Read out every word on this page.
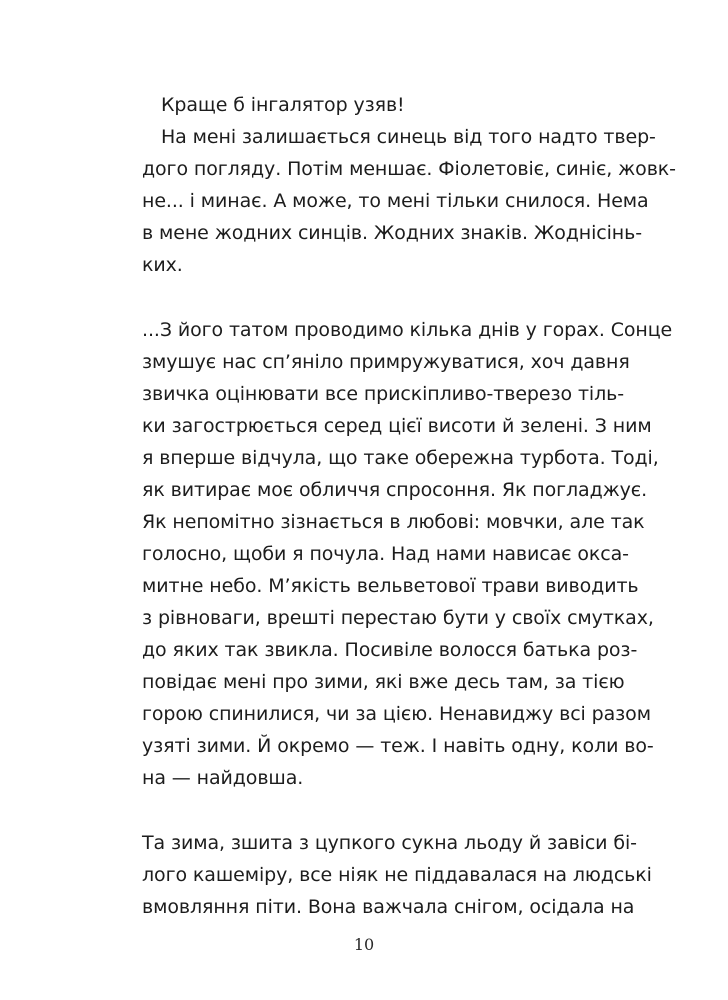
Краще б інгалятор узяв!
На мені залишається синець від того надто твер-
дого погляду. Потім меншає. Фіолетовіє, синіє, жовк-
не... і минає. А може, то мені тільки снилося. Нема
в мене жодних синців. Жодних знаків. Жоднісінь-
ких.
...З його татом проводимо кілька днів у горах. Сонце
змушує нас сп’яніло примружуватися, хоч давня
звичка оцінювати все прискіпливо-тверезо тіль-
ки загострюється серед цієї висоти й зелені. З ним
я вперше відчула, що таке обережна турбота. Тоді,
як витирає моє обличчя спросоння. Як погладжує.
Як непомітно зізнається в любові: мовчки, але так
голосно, щоби я почула. Над нами нависає оксa-
митне небо. М’якість вельветової трави виводить
з рівноваги, врешті перестаю бути у своїх смутках,
до яких так звикла. Посивіле волосся батька роз-
повідає мені про зими, які вже десь там, за тією
горою спинилися, чи за цією. Ненавиджу всі разом
узяті зими. Й окремо — теж. І навіть одну, коли во-
на — найдовша.
Та зима, зшита з цупкого сукна льоду й завіси бі-
лого кашеміру, все ніяк не піддавалася на людські
вмовляння піти. Вона важчала снігом, осідала на
10
